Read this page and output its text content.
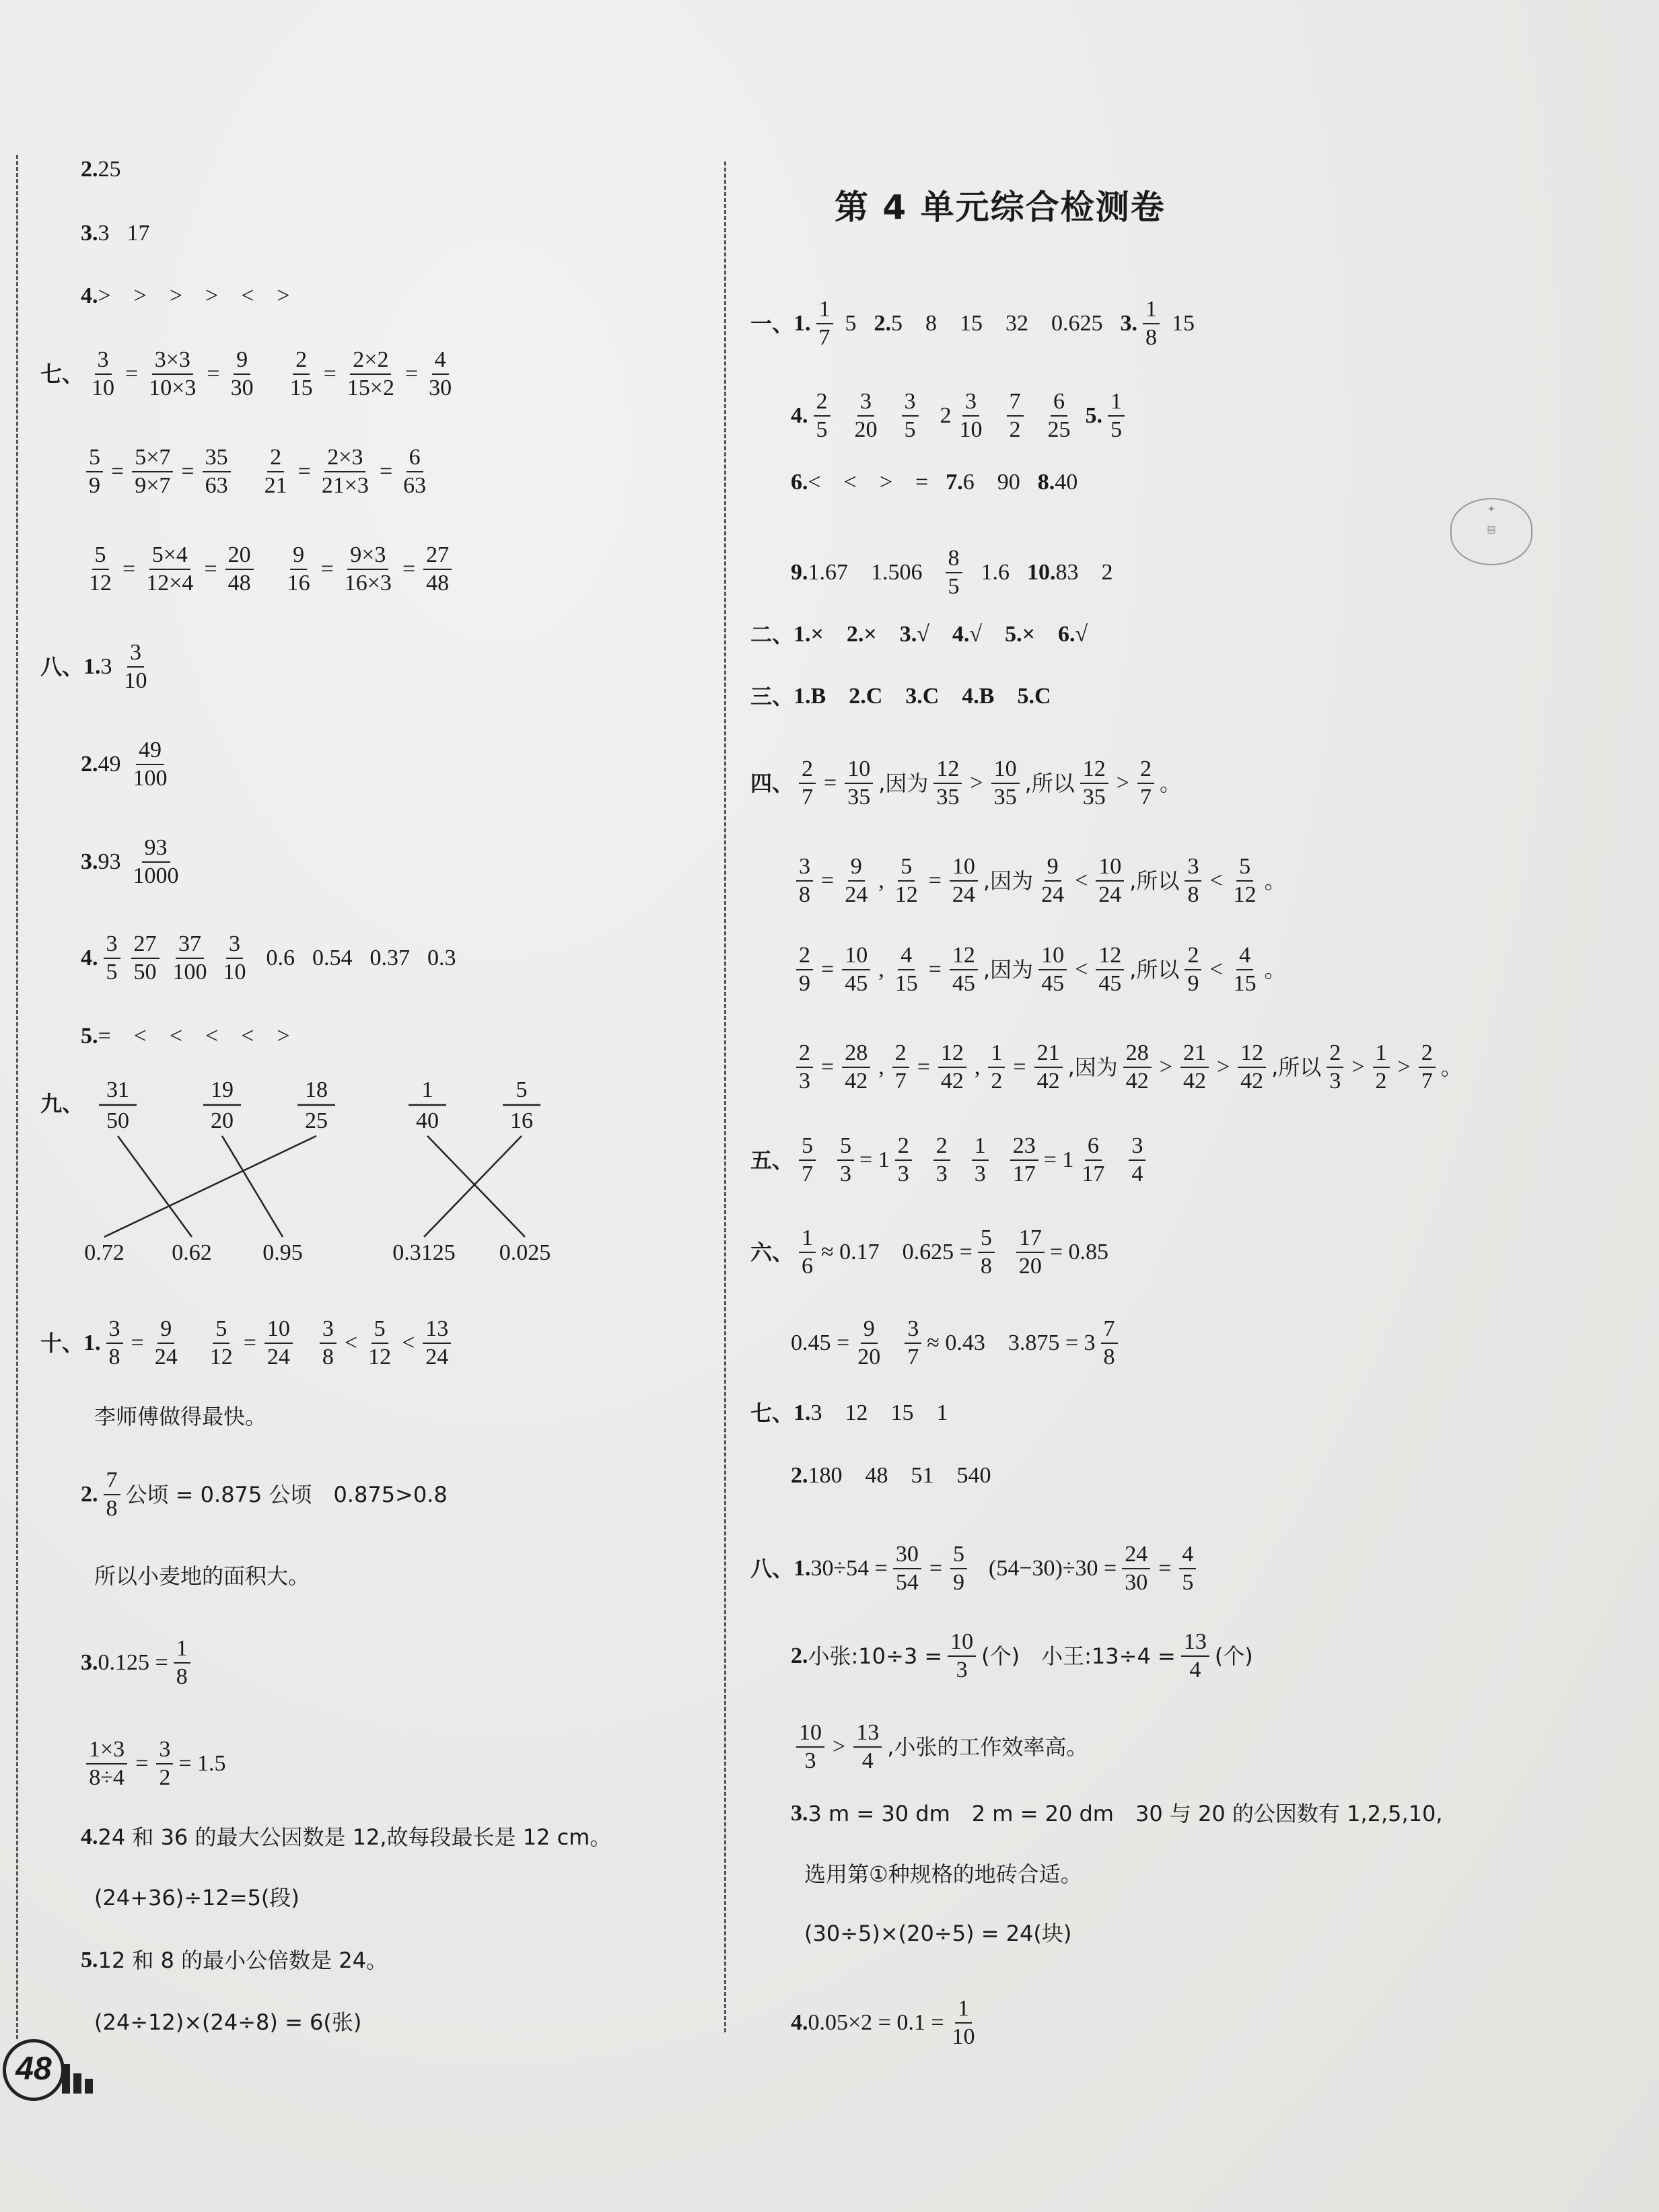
2. 25
3. 3 17
4. >　>　>　>　<　>
七、 $\frac{3}{10} = \frac{3\times 3}{10\times 3} = \frac{9}{30} \frac{2}{15} = \frac{2\times 2}{15\times 2} = \frac{4}{30}$
$\frac{5}{9} = \frac{5\times 7}{9\times 7} = \frac{35}{63} \frac{2}{21} = \frac{2\times 3}{21\times 3} = \frac{6}{63}$
$\frac{5}{12} = \frac{5\times 4}{12\times 4} = \frac{20}{48} \frac{9}{16} = \frac{9\times 3}{16\times 3} = \frac{27}{48}$
八、 1. $3 \frac{3}{10}$
2. $49 \frac{49}{100}$
3. $93 \frac{93}{1000}$
4. $\frac{3}{5} \frac{27}{50} \frac{37}{100} \frac{3}{10} 0.6$ 0.54 0.37 0.3
5. =　<　<　<　<　>
九、
31
50
19
20
18
25
1
40
5
16
0.72 0.62 0.95	0.3125 0.025
十、 1. $\frac{3}{8} = \frac{9}{24} \frac{5}{12} = \frac{10}{24} \frac{3}{8} < \frac{5}{12} < \frac{13}{24}$
李师傅做得最快。
2. $\frac{7}{8}$ 公顷 = 0.875 公顷　0.875>0.8
所以小麦地的面积大。
3. $0.125 = \frac{1}{8}$
$\frac{1\times 3}{8\div 4} = \frac{3}{2} = 1.5$
4. 24 和 36 的最大公因数是 12,故每段最长是 12 cm。
(24+36)÷12=5(段)
5. 12 和 8 的最小公倍数是 24。
(24÷12)×(24÷8) = 6(张)
第 4 单元综合检测卷
一、 1. $\frac{1}{7} 5$ 2. 5　8　15　32　0.625 3. $\frac{1}{8} 15$
4. $\frac{2}{5} \frac{3}{20} \frac{3}{5} 2 \frac{3}{10} \frac{7}{2} \frac{6}{25} 5$. $\frac{1}{5}$
6. <　<　>　= 7. 6　90 8. 40
9. 1.67　$1.506 \frac{8}{5} 1.6$ 10. 83　2
二、 1.×　2.×　3.√　4.√　5.×　6.√
三、 1.B　2.C　3.C　4.B　5.C
四、 $\frac{2}{7} = \frac{10}{35}$ ,因为 $\frac{12}{35} > \frac{10}{35}$ ,所以 $\frac{12}{35} > \frac{2}{7}$ 。
$\frac{3}{8} = \frac{9}{24}$ , $\frac{5}{12} = \frac{10}{24}$ ,因为 $\frac{9}{24} < \frac{10}{24}$ ,所以 $\frac{3}{8} < \frac{5}{12}$ 。
$\frac{2}{9} = \frac{10}{45}$ , $\frac{4}{15} = \frac{12}{45}$ ,因为 $\frac{10}{45} < \frac{12}{45}$ ,所以 $\frac{2}{9} < \frac{4}{15}$ 。
$\frac{2}{3} = \frac{28}{42}$ , $\frac{2}{7} = \frac{12}{42}$ , $\frac{1}{2} = \frac{21}{42}$ ,因为 $\frac{28}{42} > \frac{21}{42} > \frac{12}{42}$ ,所以 $\frac{2}{3} > \frac{1}{2} > \frac{2}{7}$ 。
五、 $\frac{5}{7} \frac{5}{3} = 1 \frac{2}{3} \frac{2}{3} \frac{1}{3} \frac{23}{17} = 1 \frac{6}{17} \frac{3}{4}$
六、 $\frac{1}{6} \approx 0.17$　$0.625 = \frac{5}{8} \frac{17}{20} = 0.85$
$0.45 = \frac{9}{20} \frac{3}{7} \approx 0.43$　$3.875 = 3 \frac{7}{8}$
七、 1. 3　12　15　1
2. 180　48　51　540
八、 1. $30\div 54 = \frac{30}{54} = \frac{5}{9} (54-30)\div 30 = \frac{24}{30} = \frac{4}{5}$
2. 小张:10÷3 = $\frac{10}{3}$ (个)　小王:13÷4 = $\frac{13}{4}$ (个)
$\frac{10}{3} > \frac{13}{4}$ ,小张的工作效率高。
3. 3 m = 30 dm　2 m = 20 dm　30 与 20 的公因数有 1,2,5,10,
选用第①种规格的地砖合适。
(30÷5)×(20÷5) = 24(块)
4. $0.05\times 2 = 0.1 = \frac{1}{10}$
✦
▤
48
